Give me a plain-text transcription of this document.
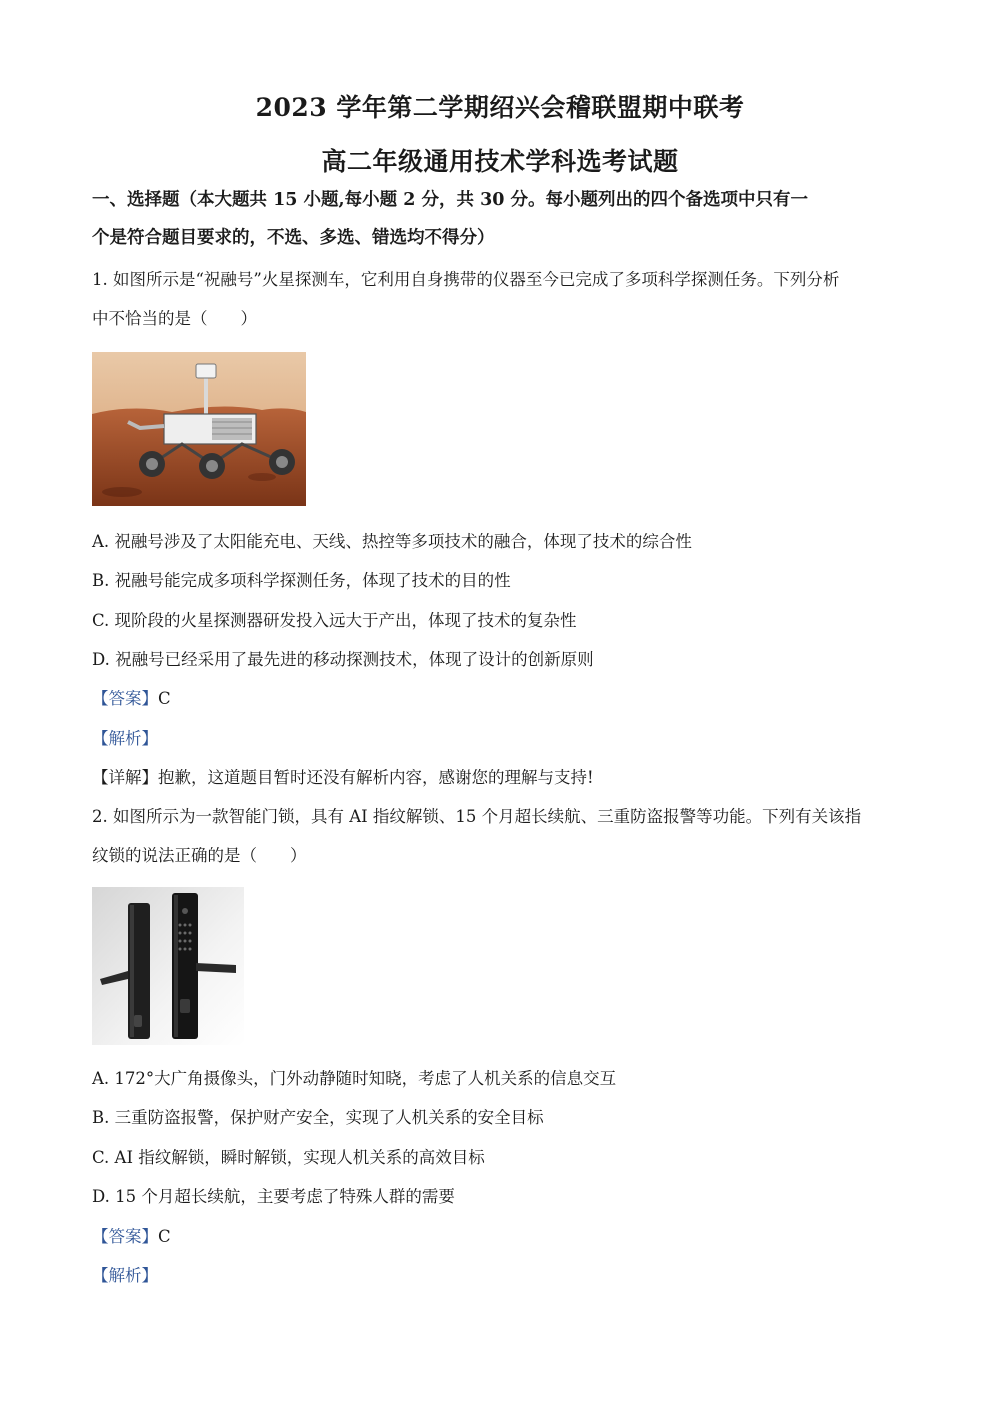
2023 学年第二学期绍兴会稽联盟期中联考
高二年级通用技术学科选考试题
一、选择题（本大题共 15 小题,每小题 2 分，共 30 分。每小题列出的四个备选项中只有一
个是符合题目要求的，不选、多选、错选均不得分）
1. 如图所示是“祝融号”火星探测车，它利用自身携带的仪器至今已完成了多项科学探测任务。下列分析
中不恰当的是（　　）
A. 祝融号涉及了太阳能充电、天线、热控等多项技术的融合，体现了技术的综合性
B. 祝融号能完成多项科学探测任务，体现了技术的目的性
C. 现阶段的火星探测器研发投入远大于产出，体现了技术的复杂性
D. 祝融号已经采用了最先进的移动探测技术，体现了设计的创新原则
【答案】C
【解析】
【详解】抱歉，这道题目暂时还没有解析内容，感谢您的理解与支持!
2. 如图所示为一款智能门锁，具有 AI 指纹解锁、15 个月超长续航、三重防盗报警等功能。下列有关该指
纹锁的说法正确的是（　　）
A. 172°大广角摄像头，门外动静随时知晓，考虑了人机关系的信息交互
B. 三重防盗报警，保护财产安全，实现了人机关系的安全目标
C. AI 指纹解锁，瞬时解锁，实现人机关系的高效目标
D. 15 个月超长续航，主要考虑了特殊人群的需要
【答案】C
【解析】
